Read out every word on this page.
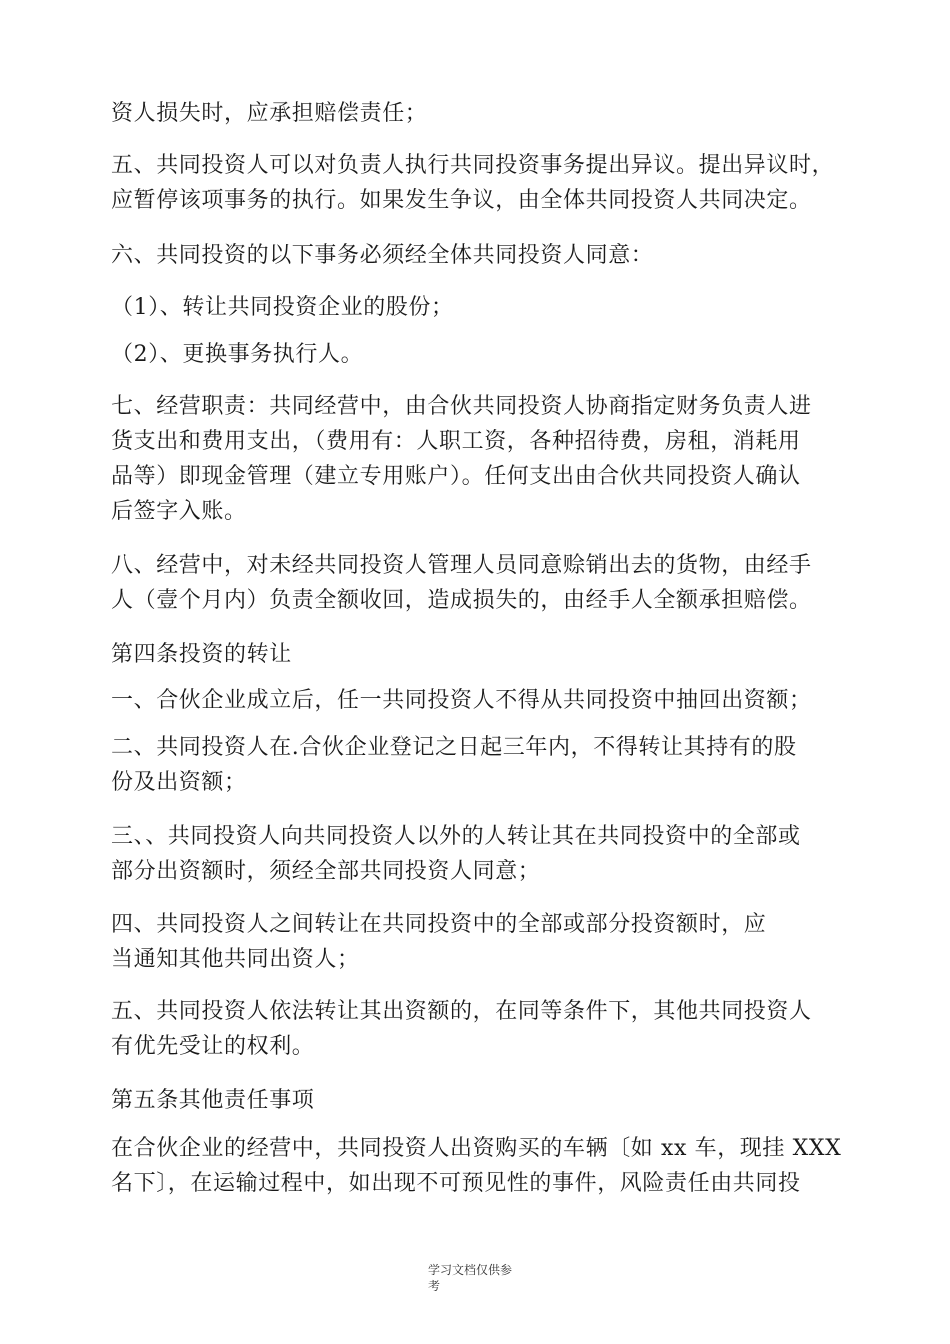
资人损失时，应承担赔偿责任；
五、共同投资人可以对负责人执行共同投资事务提出异议。提出异议时，
应暂停该项事务的执行。如果发生争议，由全体共同投资人共同决定。
六、共同投资的以下事务必须经全体共同投资人同意：
（1）、转让共同投资企业的股份；
（2）、更换事务执行人。
七、经营职责：共同经营中，由合伙共同投资人协商指定财务负责人进
货支出和费用支出，（费用有：人职工资，各种招待费，房租，消耗用
品等）即现金管理（建立专用账户）。任何支出由合伙共同投资人确认
后签字入账。
八、经营中，对未经共同投资人管理人员同意赊销出去的货物，由经手
人（壹个月内）负责全额收回，造成损失的，由经手人全额承担赔偿。
第四条投资的转让
一、合伙企业成立后，任一共同投资人不得从共同投资中抽回出资额；
二、共同投资人在.合伙企业登记之日起三年内，不得转让其持有的股
份及出资额；
三、、共同投资人向共同投资人以外的人转让其在共同投资中的全部或
部分出资额时，须经全部共同投资人同意；
四、共同投资人之间转让在共同投资中的全部或部分投资额时，应
当通知其他共同出资人；
五、共同投资人依法转让其出资额的，在同等条件下，其他共同投资人
有优先受让的权利。
第五条其他责任事项
在合伙企业的经营中，共同投资人出资购买的车辆〔如 xx 车，现挂 XXX
名下〕，在运输过程中，如出现不可预见性的事件，风险责任由共同投
学习文档仅供参
考
